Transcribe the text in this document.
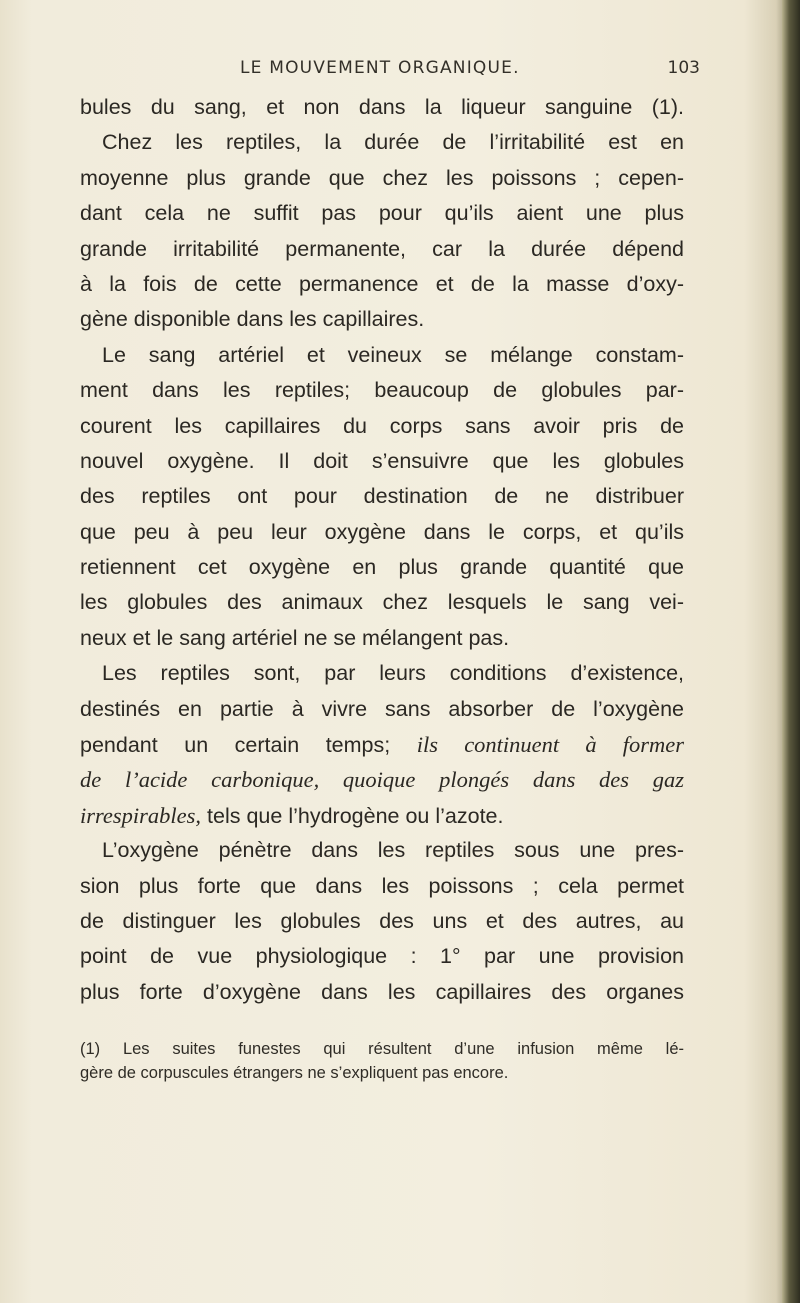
LE MOUVEMENT ORGANIQUE.	103
bules du sang, et non dans la liqueur sanguine (1).
Chez les reptiles, la durée de l’irritabilité est en
moyenne plus grande que chez les poissons ; cepen-
dant cela ne suffit pas pour qu’ils aient une plus
grande irritabilité permanente, car la durée dépend
à la fois de cette permanence et de la masse d’oxy-
gène disponible dans les capillaires.
Le sang artériel et veineux se mélange constam-
ment dans les reptiles; beaucoup de globules par-
courent les capillaires du corps sans avoir pris de
nouvel oxygène. Il doit s’ensuivre que les globules
des reptiles ont pour destination de ne distribuer
que peu à peu leur oxygène dans le corps, et qu’ils
retiennent cet oxygène en plus grande quantité que
les globules des animaux chez lesquels le sang vei-
neux et le sang artériel ne se mélangent pas.
Les reptiles sont, par leurs conditions d’existence,
destinés en partie à vivre sans absorber de l’oxygène
pendant un certain temps; ils continuent à former
de l’acide carbonique, quoique plongés dans des gaz
irrespirables, tels que l’hydrogène ou l’azote.
L’oxygène pénètre dans les reptiles sous une pres-
sion plus forte que dans les poissons ; cela permet
de distinguer les globules des uns et des autres, au
point de vue physiologique : 1° par une provision
plus forte d’oxygène dans les capillaires des organes
(1) Les suites funestes qui résultent d’une infusion même lé-
gère de corpuscules étrangers ne s’expliquent pas encore.
